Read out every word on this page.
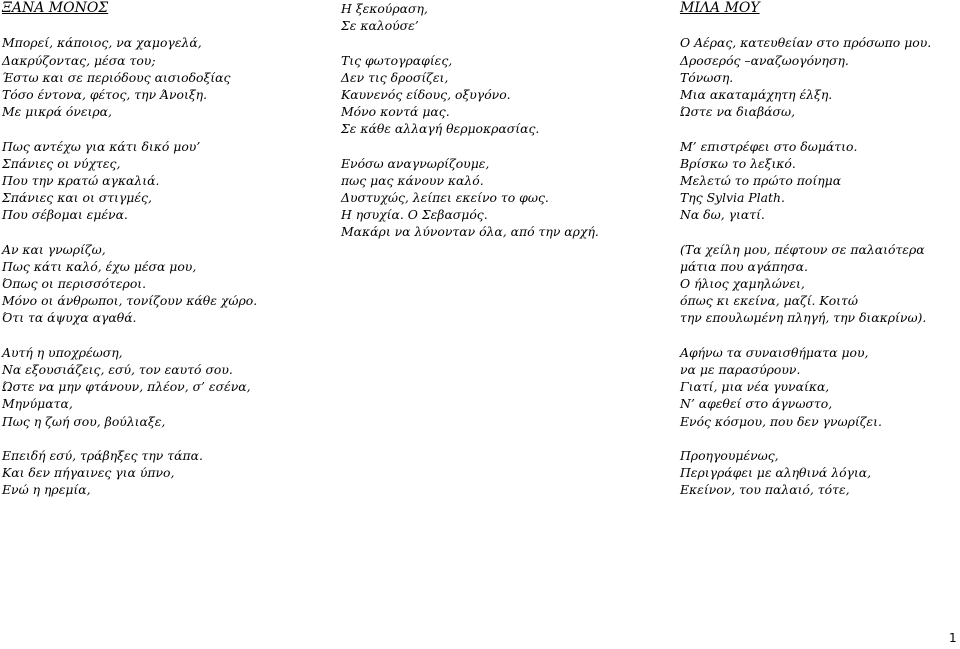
ΞΑΝΑ ΜΟΝΟΣ
Μπορεί, κάποιος, να χαμογελά,
Δακρύζοντας, μέσα του;
Έστω και σε περιόδους αισιοδοξίας
Τόσο έντονα, φέτος, την Άνοιξη.
Με μικρά όνειρα,
Πως αντέχω για κάτι δικό μου’
Σπάνιες οι νύχτες,
Που την κρατώ αγκαλιά.
Σπάνιες και οι στιγμές,
Που σέβομαι εμένα.
Αν και γνωρίζω,
Πως κάτι καλό, έχω μέσα μου,
Όπως οι περισσότεροι.
Μόνο οι άνθρωποι, τονίζουν κάθε χώρο.
Ότι τα άψυχα αγαθά.
Αυτή η υποχρέωση,
Να εξουσιάζεις, εσύ, τον εαυτό σου.
Ώστε να μην φτάνουν, πλέον, σ’ εσένα,
Μηνύματα,
Πως η ζωή σου, βούλιαξε,
Επειδή εσύ, τράβηξες την τάπα.
Και δεν πήγαινες για ύπνο,
Ενώ η ηρεμία,
Η ξεκούραση,
Σε καλούσε’
Τις φωτογραφίες,
Δεν τις δροσίζει,
Καυνενός είδους, οξυγόνο.
Μόνο κοντά μας.
Σε κάθε αλλαγή θερμοκρασίας.
Ενόσω αναγνωρίζουμε,
πως μας κάνουν καλό.
Δυστυχώς, λείπει εκείνο το φως.
Η ησυχία. Ο Σεβασμός.
Μακάρι να λύνονταν όλα, από την αρχή.
ΜΙΛΑ ΜΟΥ
Ο Αέρας, κατευθείαν στο πρόσωπο μου.
Δροσερός –αναζωογόνηση.
Τόνωση.
Μια ακαταμάχητη έλξη.
Ώστε να διαβάσω,
Μ’ επιστρέφει στο δωμάτιο.
Βρίσκω το λεξικό.
Μελετώ το πρώτο ποίημα
Της Sylvia Plath.
Να δω, γιατί.
(Τα χείλη μου, πέφτουν σε παλαιότερα
μάτια που αγάπησα.
Ο ήλιος χαμηλώνει,
όπως κι εκείνα, μαζί. Κοιτώ
την επουλωμένη πληγή, την διακρίνω).
Αφήνω τα συναισθήματα μου,
να με παρασύρουν.
Γιατί, μια νέα γυναίκα,
Ν’ αφεθεί στο άγνωστο,
Ενός κόσμου, που δεν γνωρίζει.
Προηγουμένως,
Περιγράφει με αληθινά λόγια,
Εκείνον, του παλαιό, τότε,
1
